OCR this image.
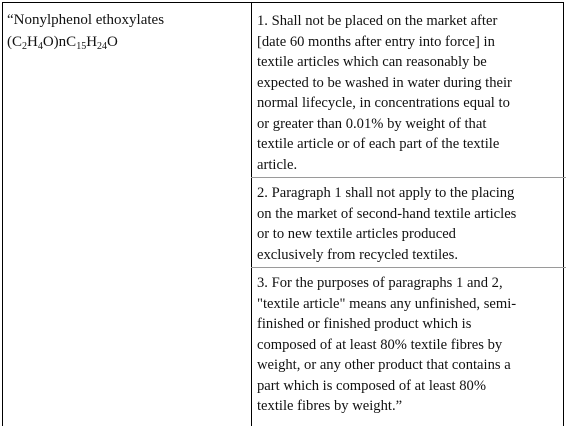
“Nonylphenol ethoxylates
$(C_2H_4O)nC_{15}H_{24}O$

1. Shall not be placed on the market after
[date 60 months after entry into force] in
textile articles which can reasonably be
expected to be washed in water during their
normal lifecycle, in concentrations equal to
or greater than 0.01% by weight of that
textile article or of each part of the textile
article.

2. Paragraph 1 shall not apply to the placing
on the market of second-hand textile articles
or to new textile articles produced
exclusively from recycled textiles.

3. For the purposes of paragraphs 1 and 2,
"textile article" means any unfinished, semi-
finished or finished product which is
composed of at least 80% textile fibres by
weight, or any other product that contains a
part which is composed of at least 80%
textile fibres by weight.”
